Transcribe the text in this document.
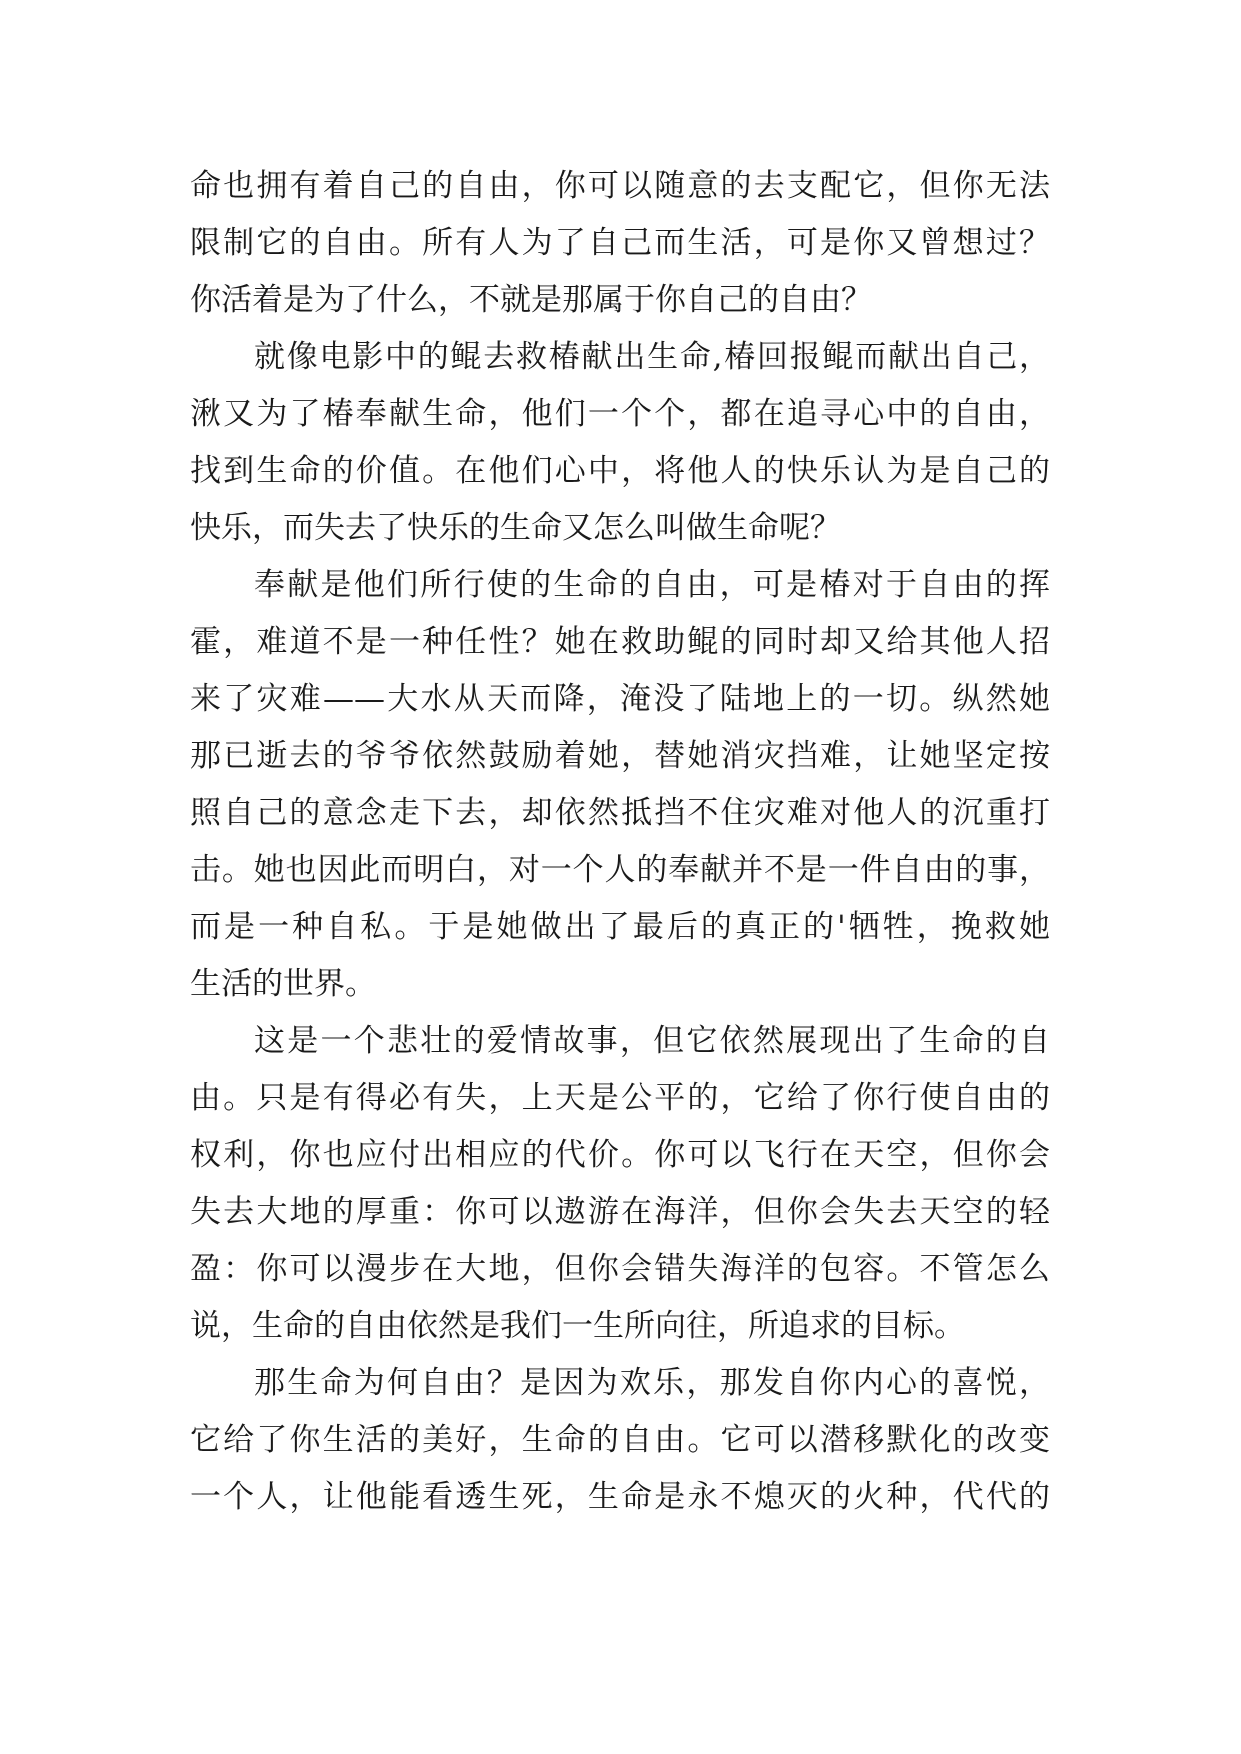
命也拥有着自己的自由，你可以随意的去支配它，但你无法
限制它的自由。所有人为了自己而生活，可是你又曾想过？
你活着是为了什么，不就是那属于你自己的自由？
就像电影中的鲲去救椿献出生命,椿回报鲲而献出自己，
湫又为了椿奉献生命，他们一个个，都在追寻心中的自由，
找到生命的价值。在他们心中，将他人的快乐认为是自己的
快乐，而失去了快乐的生命又怎么叫做生命呢？
奉献是他们所行使的生命的自由，可是椿对于自由的挥
霍，难道不是一种任性？她在救助鲲的同时却又给其他人招
来了灾难——大水从天而降，淹没了陆地上的一切。纵然她
那已逝去的爷爷依然鼓励着她，替她消灾挡难，让她坚定按
照自己的意念走下去，却依然抵挡不住灾难对他人的沉重打
击。她也因此而明白，对一个人的奉献并不是一件自由的事，
而是一种自私。于是她做出了最后的真正的'牺牲，挽救她
生活的世界。
这是一个悲壮的爱情故事，但它依然展现出了生命的自
由。只是有得必有失，上天是公平的，它给了你行使自由的
权利，你也应付出相应的代价。你可以飞行在天空，但你会
失去大地的厚重：你可以遨游在海洋，但你会失去天空的轻
盈：你可以漫步在大地，但你会错失海洋的包容。不管怎么
说，生命的自由依然是我们一生所向往，所追求的目标。
那生命为何自由？是因为欢乐，那发自你内心的喜悦，
它给了你生活的美好，生命的自由。它可以潜移默化的改变
一个人，让他能看透生死，生命是永不熄灭的火种，代代的
